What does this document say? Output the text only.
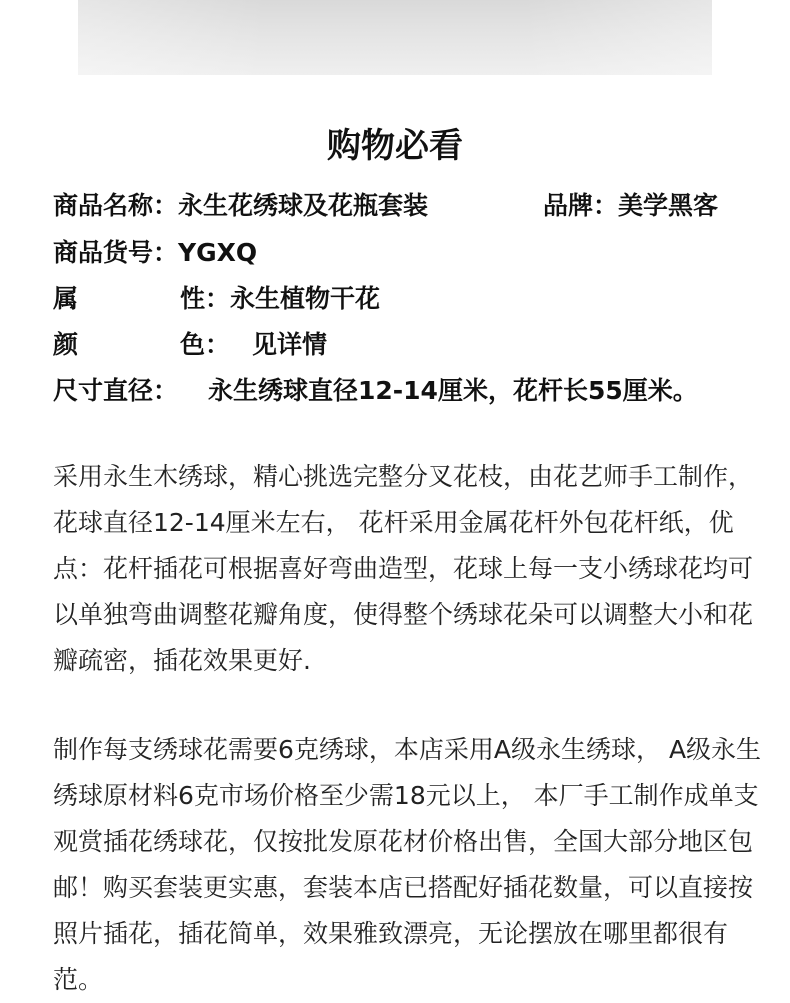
购物必看
商品名称：永生花绣球及花瓶套装	品牌：美学黑客
商品货号：YGXQ
属	性：永生植物干花
颜	色： 见详情
尺寸直径： 永生绣球直径12-14厘米，花杆长55厘米。

采用永生木绣球，精心挑选完整分叉花枝，由花艺师手工制作，花球直径12-14厘米左右， 花杆采用金属花杆外包花杆纸，优点：花杆插花可根据喜好弯曲造型，花球上每一支小绣球花均可以单独弯曲调整花瓣角度，使得整个绣球花朵可以调整大小和花瓣疏密，插花效果更好.

制作每支绣球花需要6克绣球，本店采用A级永生绣球， A级永生绣球原材料6克市场价格至少需18元以上， 本厂手工制作成单支观赏插花绣球花，仅按批发原花材价格出售，全国大部分地区包邮！购买套装更实惠，套装本店已搭配好插花数量，可以直接按照片插花，插花简单，效果雅致漂亮，无论摆放在哪里都很有范。
